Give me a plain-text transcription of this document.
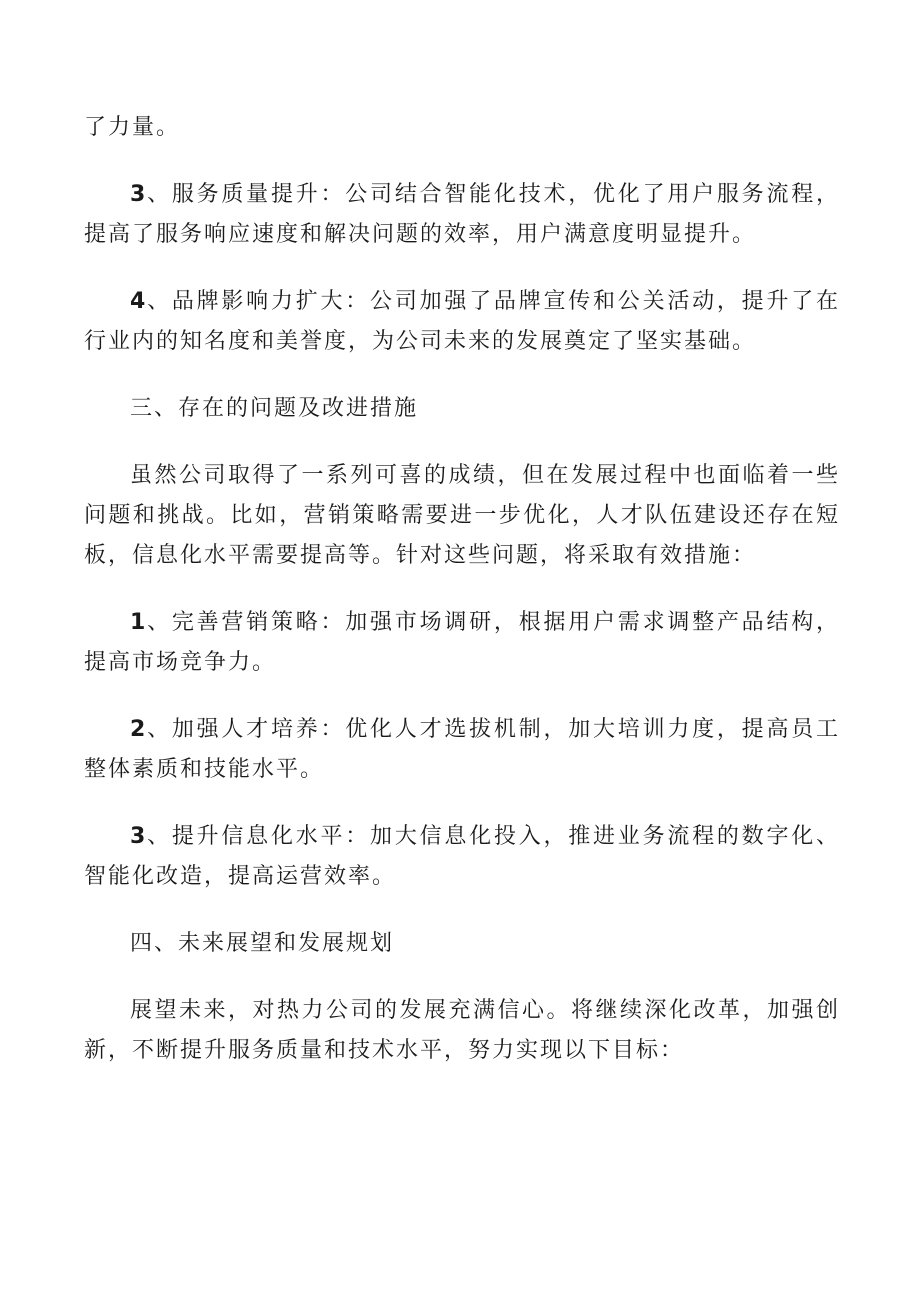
了力量。

3、服务质量提升：公司结合智能化技术，优化了用户服务流程，提高了服务响应速度和解决问题的效率，用户满意度明显提升。

4、品牌影响力扩大：公司加强了品牌宣传和公关活动，提升了在行业内的知名度和美誉度，为公司未来的发展奠定了坚实基础。

三、存在的问题及改进措施

虽然公司取得了一系列可喜的成绩，但在发展过程中也面临着一些问题和挑战。比如，营销策略需要进一步优化，人才队伍建设还存在短板，信息化水平需要提高等。针对这些问题，将采取有效措施：

1、完善营销策略：加强市场调研，根据用户需求调整产品结构，提高市场竞争力。

2、加强人才培养：优化人才选拔机制，加大培训力度，提高员工整体素质和技能水平。

3、提升信息化水平：加大信息化投入，推进业务流程的数字化、智能化改造，提高运营效率。

四、未来展望和发展规划

展望未来，对热力公司的发展充满信心。将继续深化改革，加强创新，不断提升服务质量和技术水平，努力实现以下目标：
